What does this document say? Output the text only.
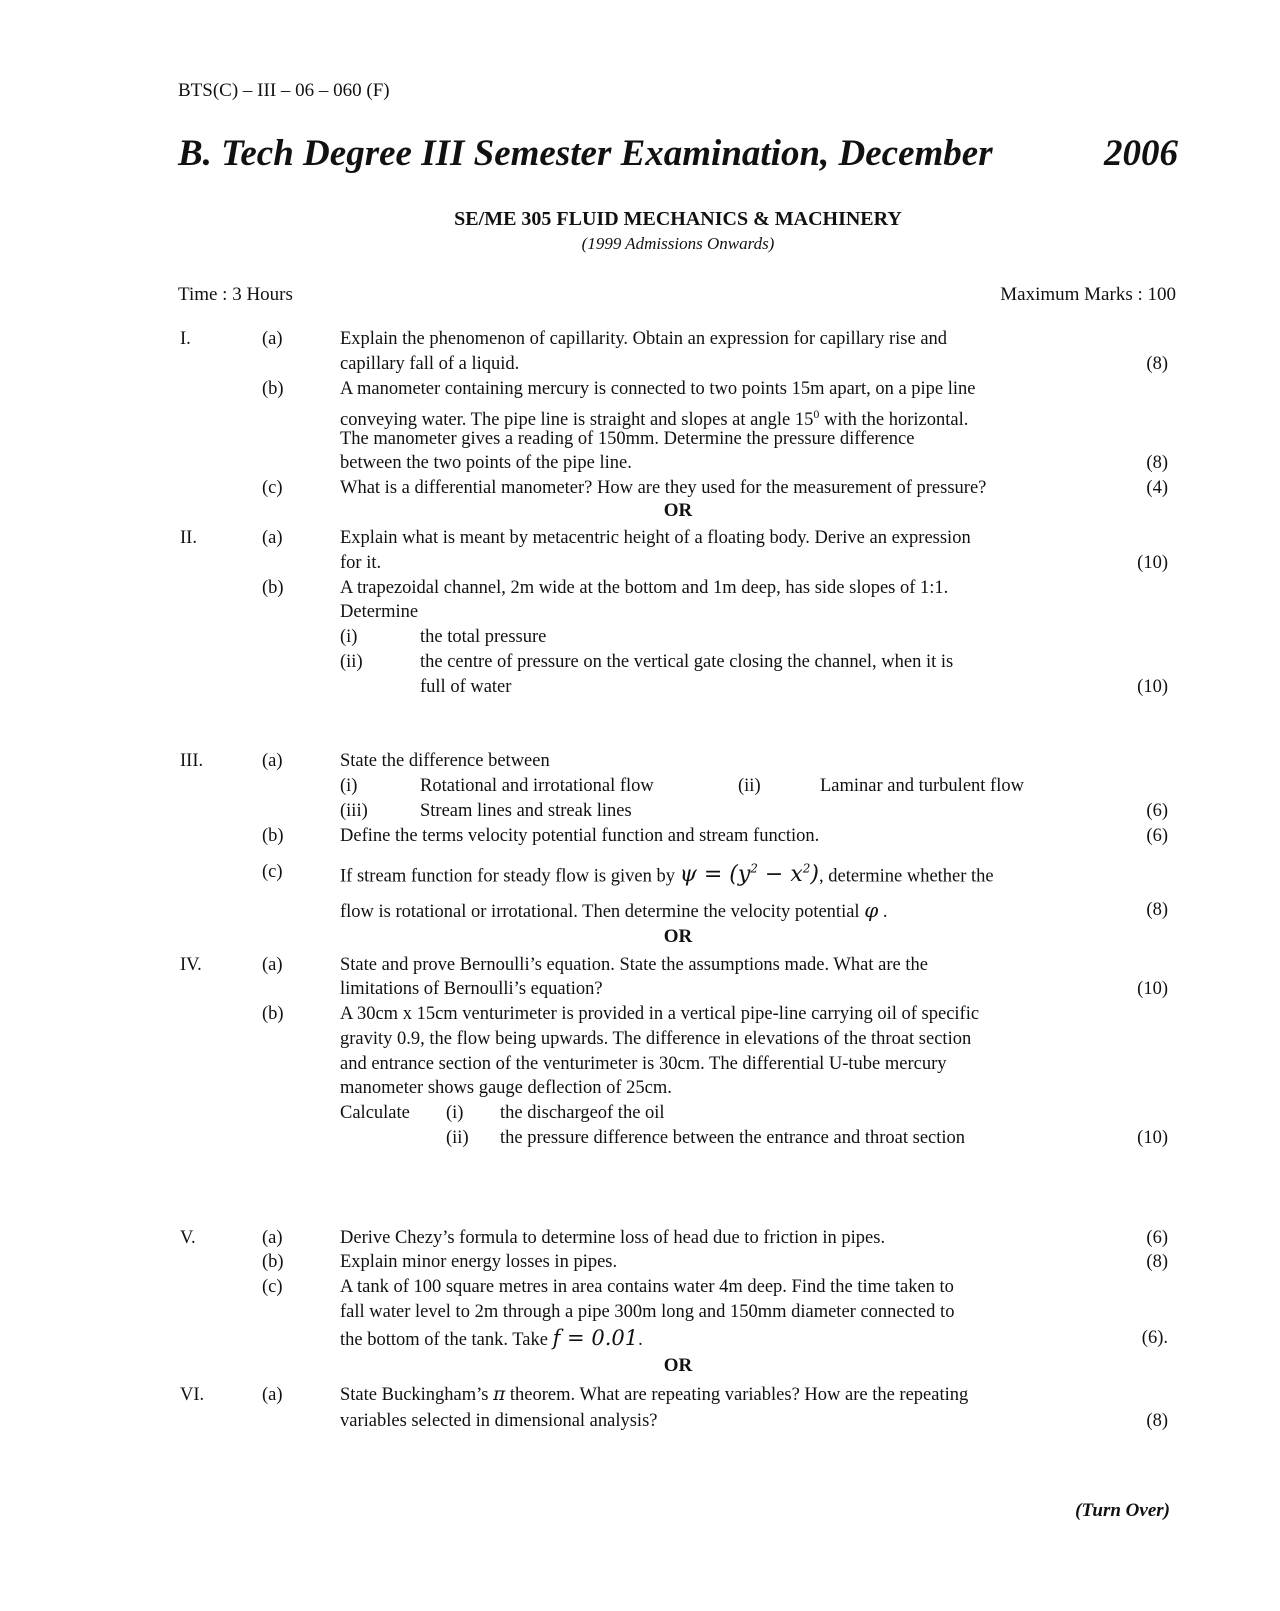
BTS(C) – III – 06 – 060 (F)
B. Tech Degree III Semester Examination, December	2006
SE/ME 305 FLUID MECHANICS & MACHINERY
(1999 Admissions Onwards)
Time : 3 Hours	Maximum Marks : 100
I.	(a)	Explain the phenomenon of capillarity. Obtain an expression for capillary rise and
capillary fall of a liquid.	(8)
(b)	A manometer containing mercury is connected to two points 15m apart, on a pipe line
conveying water. The pipe line is straight and slopes at angle $15^0$ with the horizontal.
The manometer gives a reading of 150mm. Determine the pressure difference
between the two points of the pipe line.	(8)
(c)	What is a differential manometer? How are they used for the measurement of pressure?	(4)
OR
II.	(a)	Explain what is meant by metacentric height of a floating body. Derive an expression
for it.	(10)
(b)	A trapezoidal channel, 2m wide at the bottom and 1m deep, has side slopes of 1:1.
Determine
(i)	the total pressure
(ii)	the centre of pressure on the vertical gate closing the channel, when it is
full of water	(10)
III.	(a)	State the difference between
(i)	Rotational and irrotational flow	(ii)	Laminar and turbulent flow
(iii)	Stream lines and streak lines	(6)
(b)	Define the terms velocity potential function and stream function.	(6)
(c)	If stream function for steady flow is given by $\psi = (y^2 - x^2)$, determine whether the
flow is rotational or irrotational. Then determine the velocity potential φ .	(8)
OR
IV.	(a)	State and prove Bernoulli’s equation. State the assumptions made. What are the
limitations of Bernoulli’s equation?	(10)
(b)	A 30cm x 15cm venturimeter is provided in a vertical pipe-line carrying oil of specific
gravity 0.9, the flow being upwards. The difference in elevations of the throat section
and entrance section of the venturimeter is 30cm. The differential U-tube mercury
manometer shows gauge deflection of 25cm.
Calculate (i) the dischargeof the oil
(ii) the pressure difference between the entrance and throat section	(10)
V.	(a)	Derive Chezy’s formula to determine loss of head due to friction in pipes.	(6)
(b)	Explain minor energy losses in pipes.	(8)
(c)	A tank of 100 square metres in area contains water 4m deep. Find the time taken to
fall water level to 2m through a pipe 300m long and 150mm diameter connected to
the bottom of the tank. Take f = 0.01.	(6).
OR
VI.	(a)	State Buckingham’s π theorem. What are repeating variables? How are the repeating
variables selected in dimensional analysis?	(8)
(Turn Over)
